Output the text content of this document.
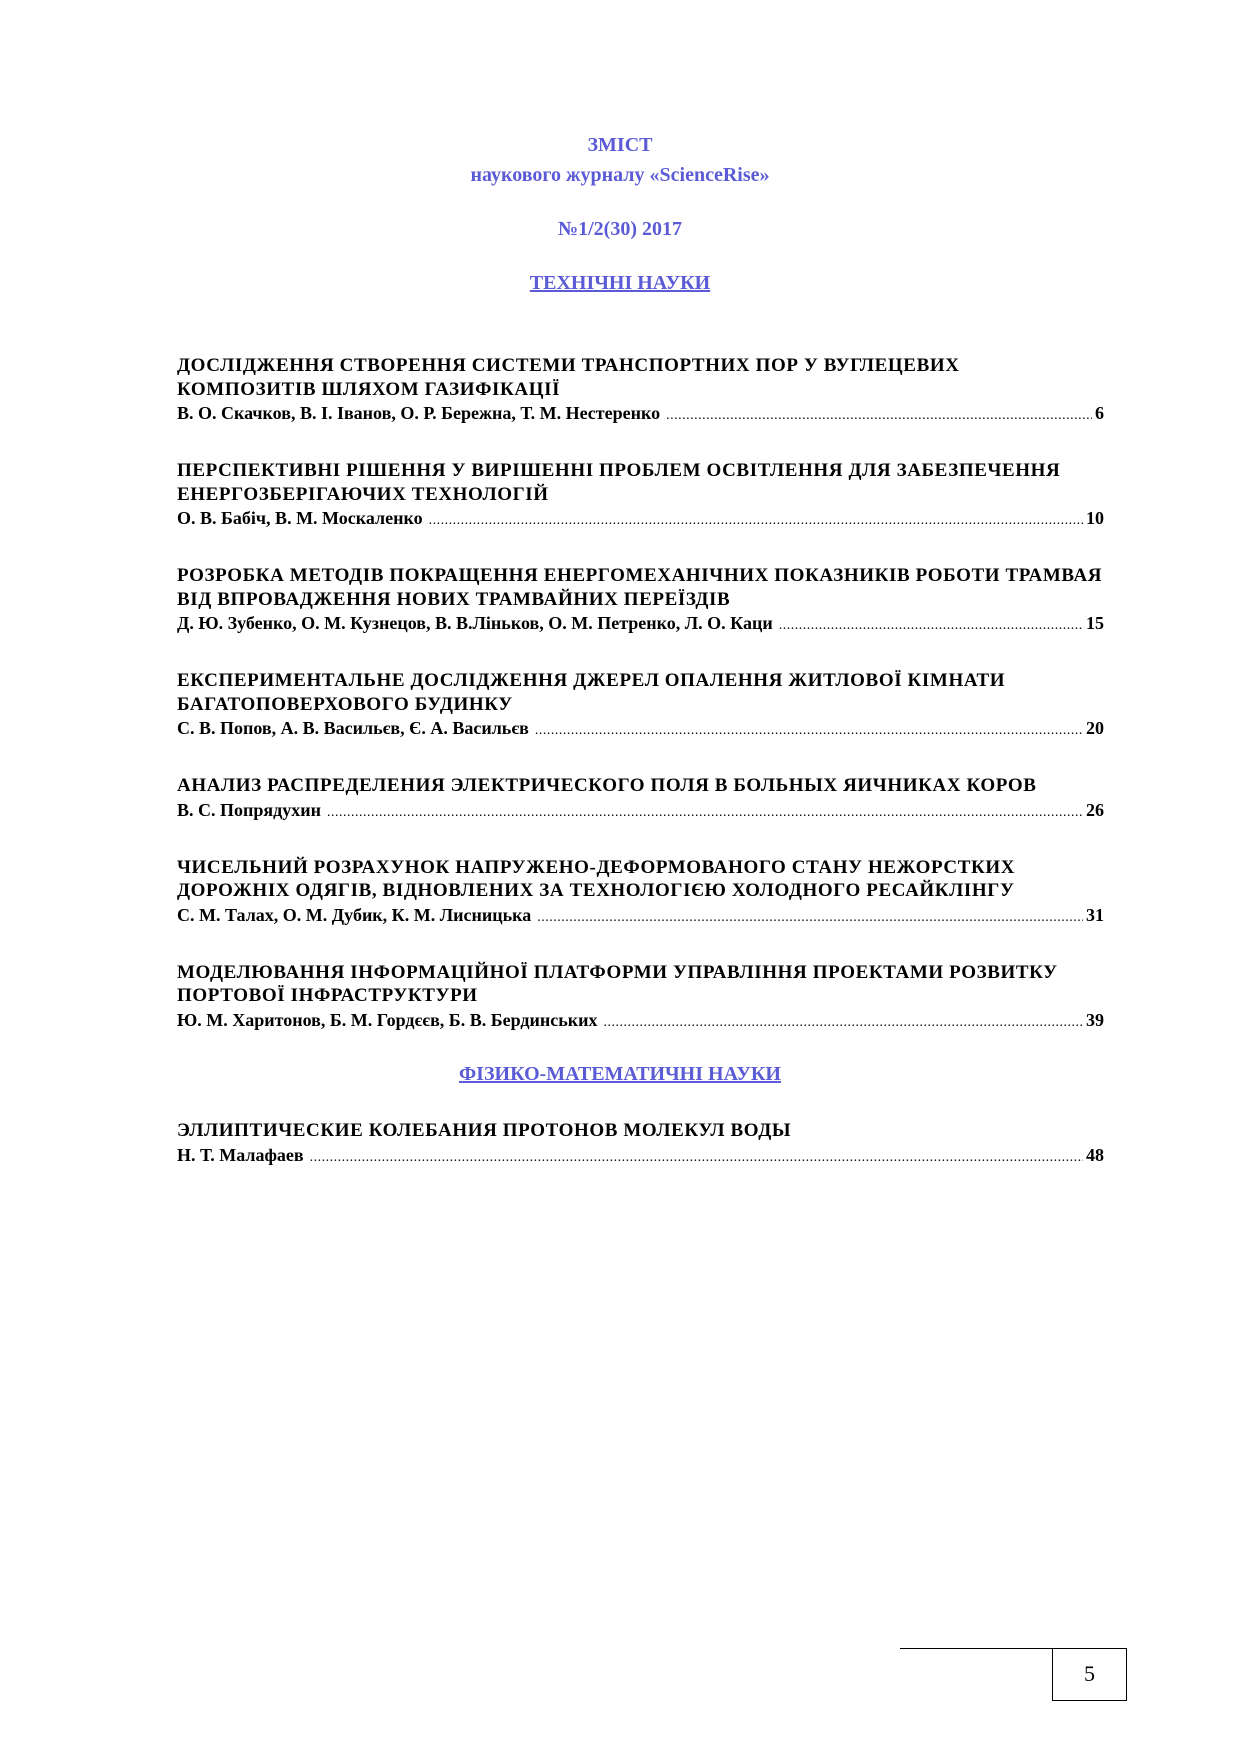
ЗМІСТ
наукового журналу «ScienceRise»
№1/2(30) 2017
ТЕХНІЧНІ НАУКИ
ДОСЛІДЖЕННЯ СТВОРЕННЯ СИСТЕМИ ТРАНСПОРТНИХ ПОР У ВУГЛЕЦЕВИХ КОМПОЗИТІВ ШЛЯХОМ ГАЗИФІКАЦІЇ
В. О. Скачков, В. І. Іванов, О. Р. Бережна, Т. М. Нестеренко . . .	6
ПЕРСПЕКТИВНІ РІШЕННЯ У ВИРІШЕННІ ПРОБЛЕМ ОСВІТЛЕННЯ ДЛЯ ЗАБЕЗПЕЧЕННЯ ЕНЕРГОЗБЕРІГАЮЧИХ ТЕХНОЛОГІЙ
О. В. Бабіч, В. М. Москаленко . . .	10
РОЗРОБКА МЕТОДІВ ПОКРАЩЕННЯ ЕНЕРГОМЕХАНІЧНИХ ПОКАЗНИКІВ РОБОТИ ТРАМВАЯ ВІД ВПРОВАДЖЕННЯ НОВИХ ТРАМВАЙНИХ ПЕРЕЇЗДІВ
Д. Ю. Зубенко, О. М. Кузнецов, В. В.Ліньков, О. М. Петренко, Л. О. Каци . . .	15
ЕКСПЕРИМЕНТАЛЬНЕ ДОСЛІДЖЕННЯ ДЖЕРЕЛ ОПАЛЕННЯ ЖИТЛОВОЇ КІМНАТИ БАГАТОПОВЕРХОВОГО БУДИНКУ
С. В. Попов, А. В. Васильєв, Є. А. Васильєв . . .	20
АНАЛИЗ РАСПРЕДЕЛЕНИЯ ЭЛЕКТРИЧЕСКОГО ПОЛЯ В БОЛЬНЫХ ЯИЧНИКАХ КОРОВ
В. С. Попрядухин . . .	26
ЧИСЕЛЬНИЙ РОЗРАХУНОК НАПРУЖЕНО-ДЕФОРМОВАНОГО СТАНУ НЕЖОРСТКИХ ДОРОЖНІХ ОДЯГІВ, ВІДНОВЛЕНИХ ЗА ТЕХНОЛОГІЄЮ ХОЛОДНОГО РЕСАЙКЛІНГУ
С. М. Талах, О. М. Дубик, К. М. Лисницька . . .	31
МОДЕЛЮВАННЯ ІНФОРМАЦІЙНОЇ ПЛАТФОРМИ УПРАВЛІННЯ ПРОЕКТАМИ РОЗВИТКУ ПОРТОВОЇ ІНФРАСТРУКТУРИ
Ю. М. Харитонов, Б. М. Гордєєв, Б. В. Бердинських . . .	39
ФІЗИКО-МАТЕМАТИЧНІ НАУКИ
ЭЛЛИПТИЧЕСКИЕ КОЛЕБАНИЯ ПРОТОНОВ МОЛЕКУЛ ВОДЫ
Н. Т. Малафаев . . .	48
5
